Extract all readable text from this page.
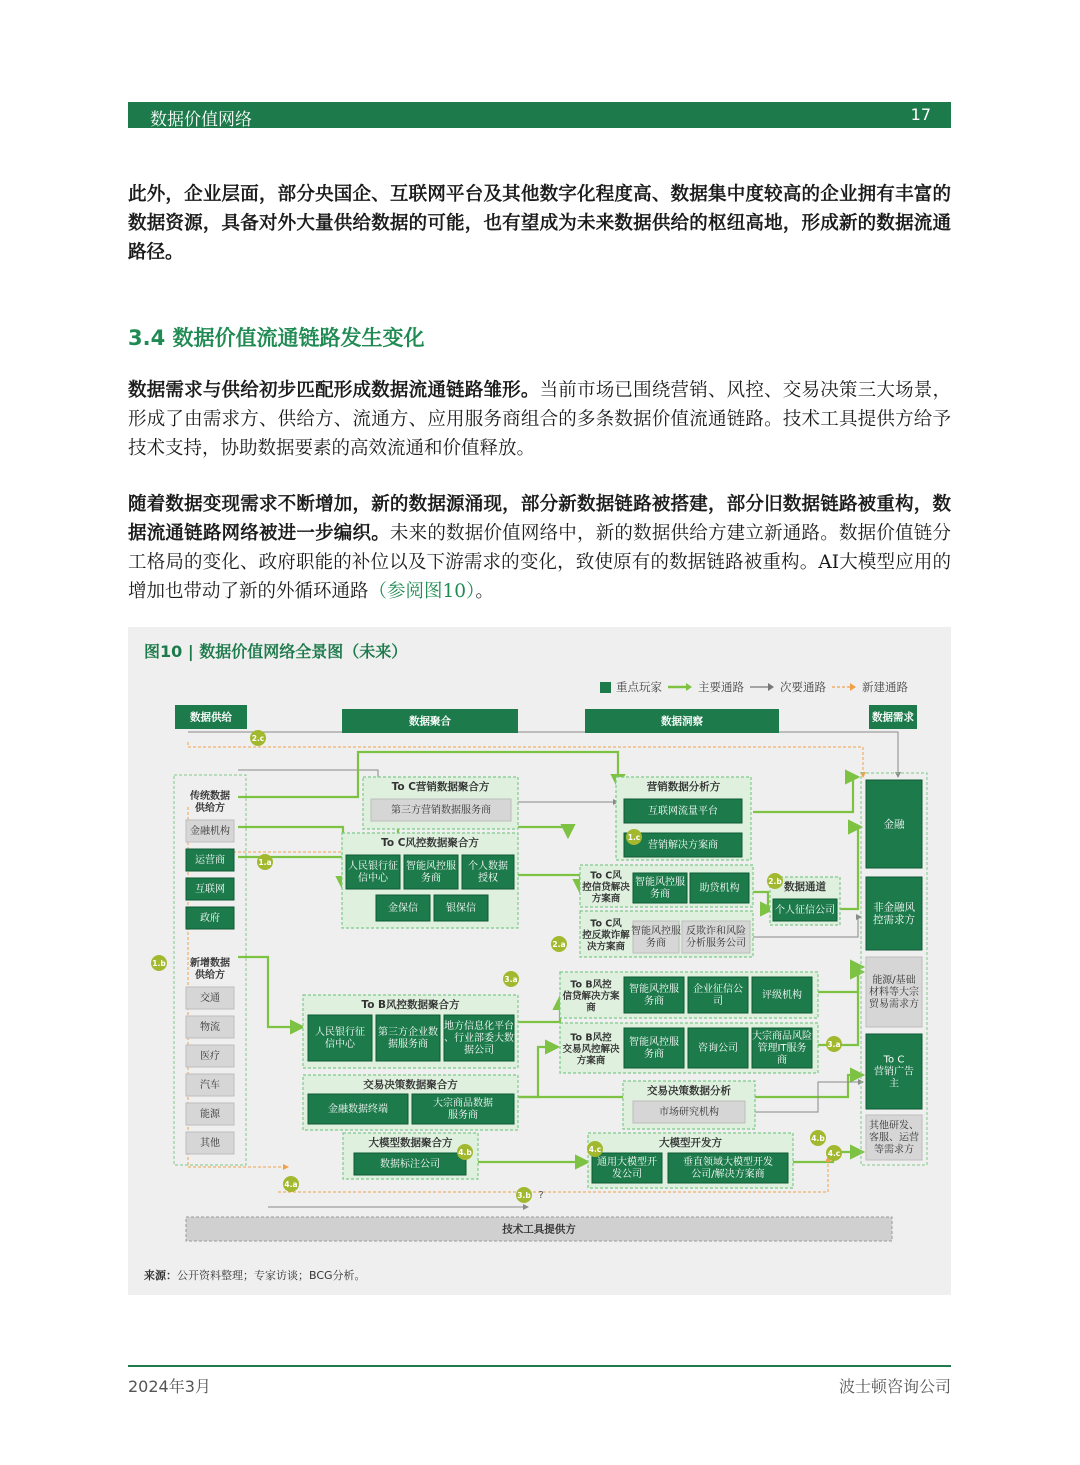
数据价值网络	17
此外，企业层面，部分央国企、互联网平台及其他数字化程度高、数据集中度较高的企业拥有丰富的数据资源，具备对外大量供给数据的可能，也有望成为未来数据供给的枢纽高地，形成新的数据流通路径。
3.4 数据价值流通链路发生变化
数据需求与供给初步匹配形成数据流通链路雏形。当前市场已围绕营销、风控、交易决策三大场景，形成了由需求方、供给方、流通方、应用服务商组合的多条数据价值流通链路。技术工具提供方给予技术支持，协助数据要素的高效流通和价值释放。
随着数据变现需求不断增加，新的数据源涌现，部分新数据链路被搭建，部分旧数据链路被重构，数据流通链路网络被进一步编织。未来的数据价值网络中，新的数据供给方建立新通路。数据价值链分工格局的变化、政府职能的补位以及下游需求的变化，致使原有的数据链路被重构。AI大模型应用的增加也带动了新的外循环通路（参阅图10）。
图10 | 数据价值网络全景图（未来）
重点玩家	主要通路	次要通路	新建通路
数据供给	数据聚合	数据洞察	数据需求
传统数据供给方
金融机构
运营商
互联网
政府
新增数据供给方
交通
物流
医疗
汽车
能源
其他
To C营销数据聚合方
第三方营销数据服务商
To C风控数据聚合方
人民银行征信中心
智能风控服务商
个人数据授权
金保信	银保信
To B风控数据聚合方
人民银行征信中心
第三方企业数据服务商
地方信息化平台、行业部委大数据公司
交易决策数据聚合方
金融数据终端
大宗商品数据服务商
大模型数据聚合方
数据标注公司
营销数据分析方
互联网流量平台
营销解决方案商
To C风控信贷解决方案商
智能风控服务商
助贷机构
To C风控反欺诈解决方案商
智能风控服务商
反欺诈和风险分析服务公司
数据通道
个人征信公司
To B风控信贷解决方案商
智能风控服务商
企业征信公司
评级机构
To B风控交易风控解决方案商
智能风控服务商
咨询公司
大宗商品风险管理IT服务商
交易决策数据分析
市场研究机构
大模型开发方
通用大模型开发公司
垂直领域大模型开发公司/解决方案商
金融
非金融风控需求方
能源/基础材料等大宗贸易需求方
To C 营销广告主
其他研发、客服、运营等需求方
技术工具提供方
?
1.a
1.b
1.c
2.a
2.b
2.c
3.a
3.b
4.a
4.b	4.c
3.a
4.b
4.c
来源：公开资料整理；专家访谈；BCG分析。
2024年3月	波士顿咨询公司
